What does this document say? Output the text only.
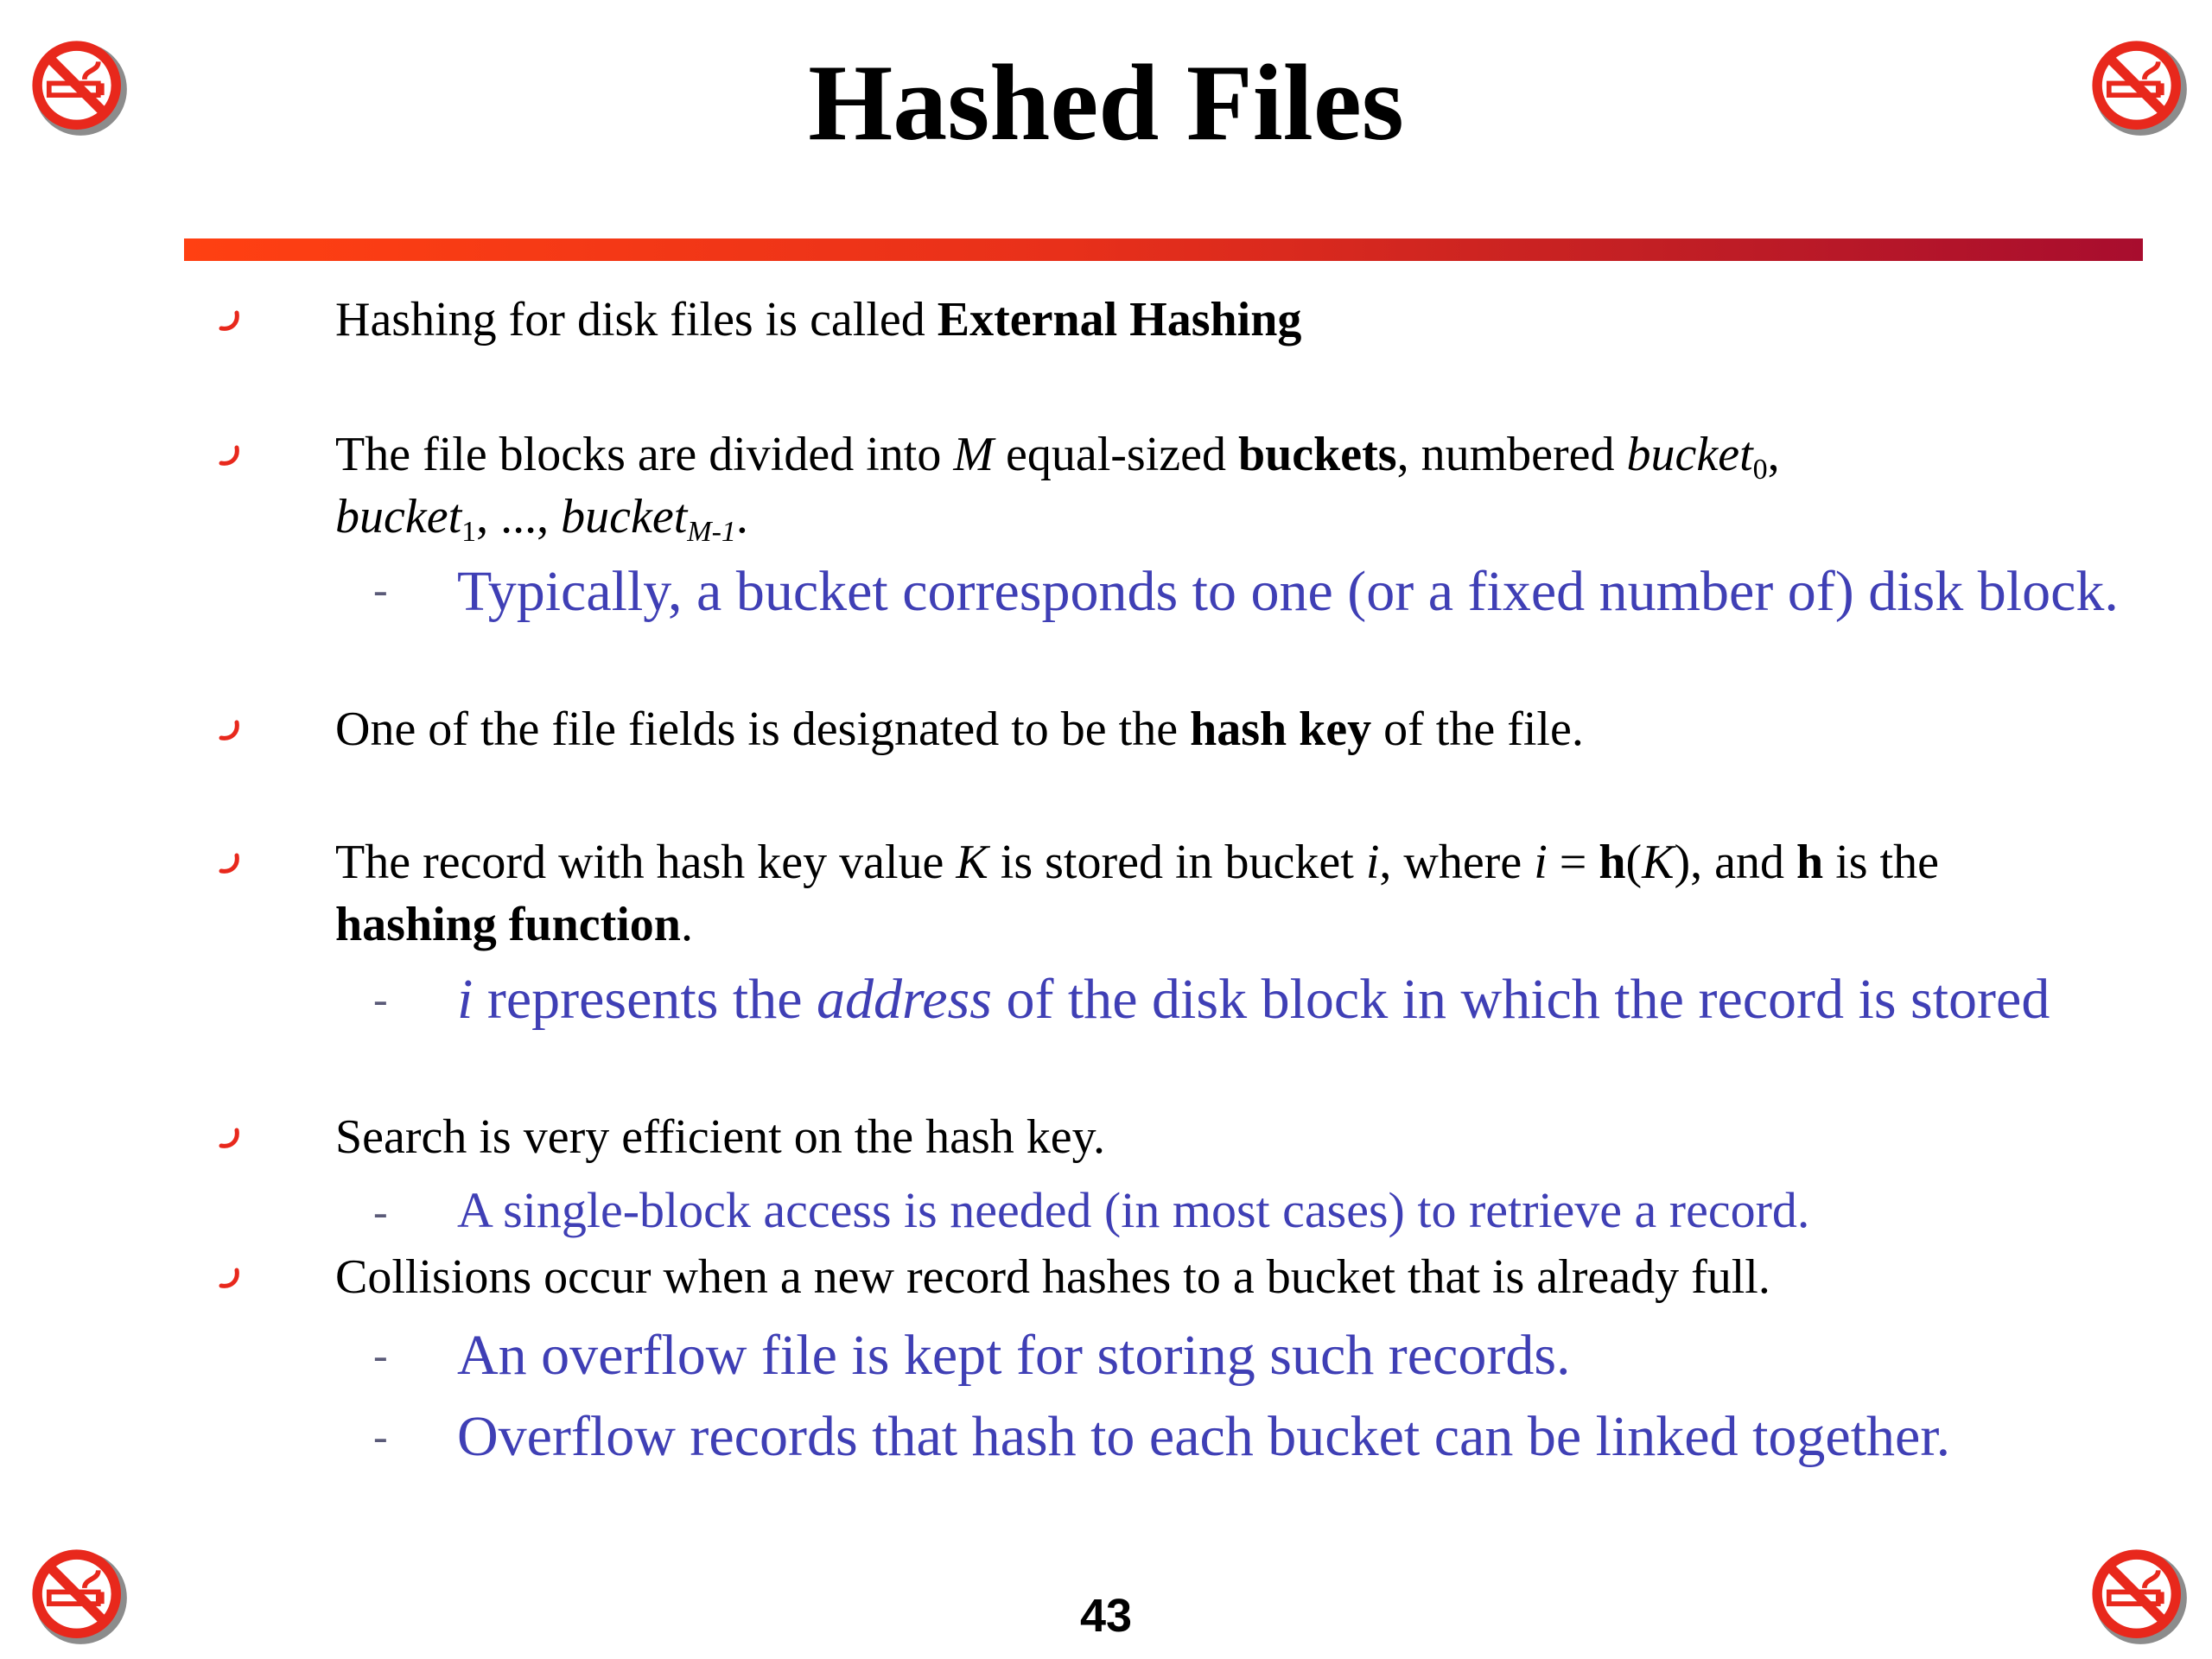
Hashed Files
Hashing for disk files is called External Hashing
The file blocks are divided into M equal-sized buckets, numbered bucket$_0$,
bucket$_1$, ..., bucket$_{M-1}$.
- Typically, a bucket corresponds to one (or a fixed number of) disk block.
One of the file fields is designated to be the hash key of the file.
The record with hash key value K is stored in bucket i, where i = h(K), and h is the hashing function.
- i represents the address of the disk block in which the record is stored
Search is very efficient on the hash key.
- A single-block access is needed (in most cases) to retrieve a record.
Collisions occur when a new record hashes to a bucket that is already full.
- An overflow file is kept for storing such records.
- Overflow records that hash to each bucket can be linked together.
43
